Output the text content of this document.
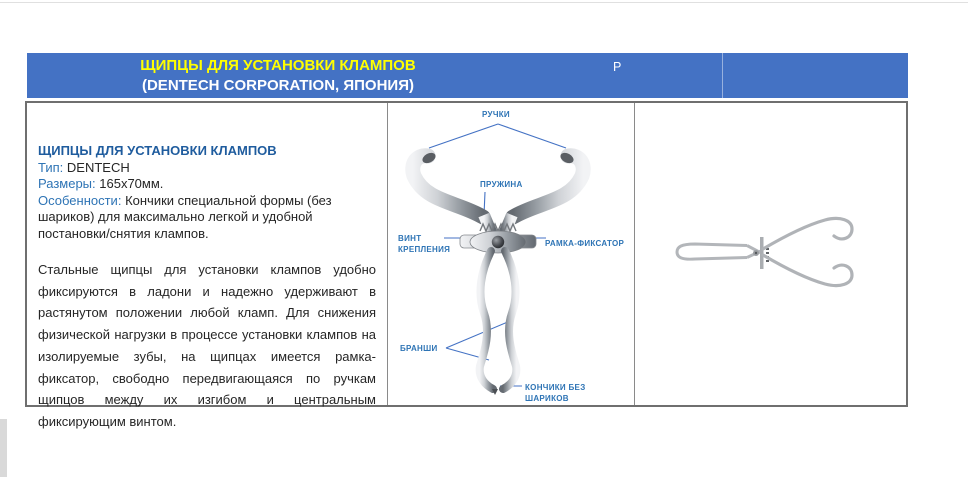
ЩИПЦЫ ДЛЯ УСТАНОВКИ КЛАМПОВ
(DENTECH CORPORATION, ЯПОНИЯ)
Р
ЩИПЦЫ ДЛЯ УСТАНОВКИ КЛАМПОВ
Тип: DENTECH
Размеры: 165х70мм.
Особенности: Кончики специальной формы (без шариков) для максимально легкой и удобной постановки/снятия клампов.
Стальные щипцы для установки клампов удобно фиксируются в ладони и надежно удерживают в растянутом положении любой кламп. Для снижения физической нагрузки в процессе установки клампов на изолируемые зубы, на щипцах имеется рамка-фиксатор, свободно передвигающаяся по ручкам щипцов между их изгибом и центральным фиксирующим винтом.
РУЧКИ
ПРУЖИНА
ВИНТ КРЕПЛЕНИЯ
РАМКА-ФИКСАТОР
БРАНШИ
КОНЧИКИ БЕЗ ШАРИКОВ
